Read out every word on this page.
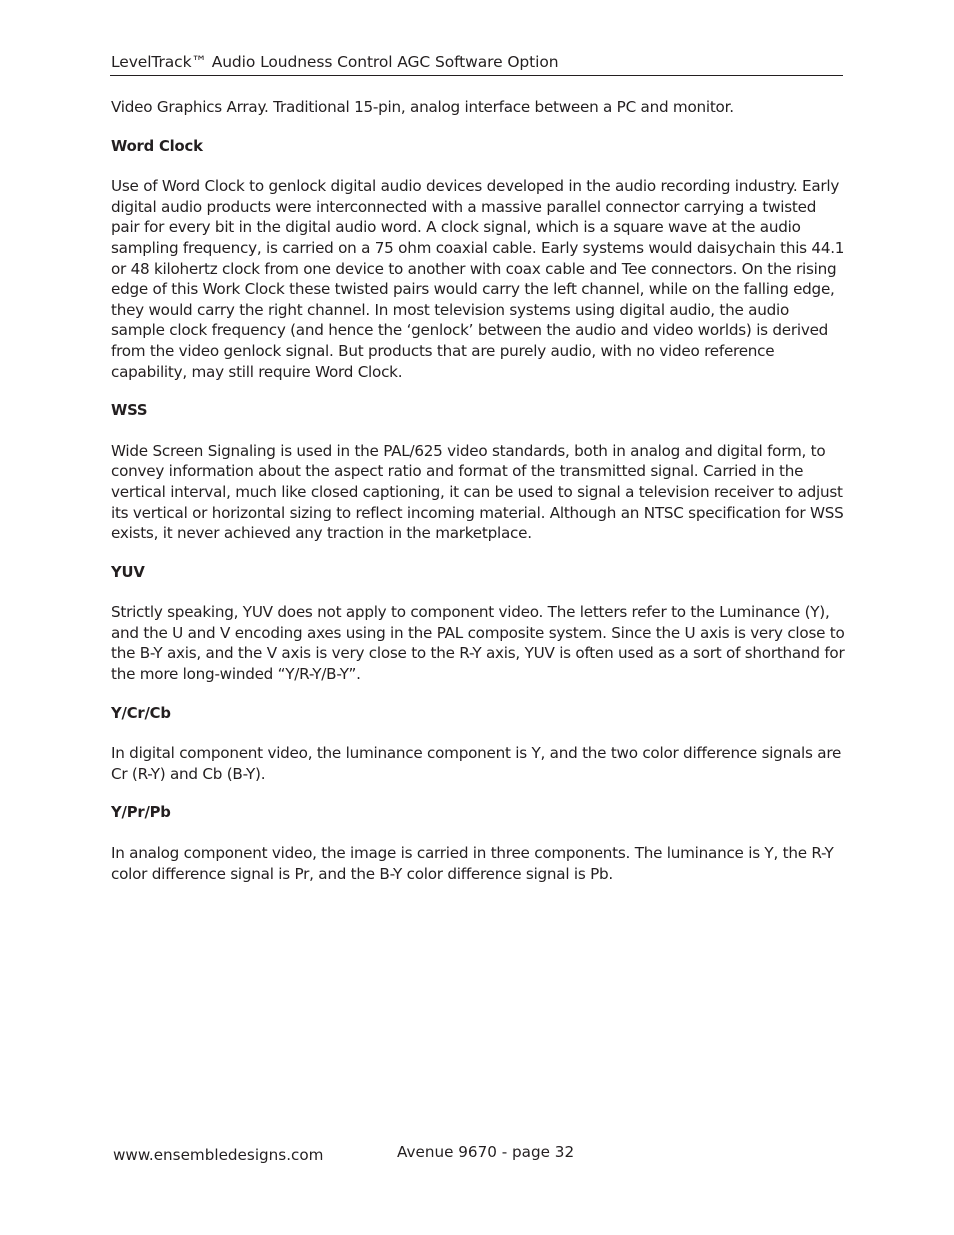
LevelTrack™ Audio Loudness Control AGC Software Option

Video Graphics Array. Traditional 15-pin, analog interface between a PC and monitor.

Word Clock

Use of Word Clock to genlock digital audio devices developed in the audio recording industry. Early digital audio products were interconnected with a massive parallel connector carrying a twisted pair for every bit in the digital audio word. A clock signal, which is a square wave at the audio sampling frequency, is carried on a 75 ohm coaxial cable. Early systems would daisychain this 44.1 or 48 kilohertz clock from one device to another with coax cable and Tee connectors. On the rising edge of this Work Clock these twisted pairs would carry the left channel, while on the falling edge, they would carry the right channel. In most television systems using digital audio, the audio sample clock frequency (and hence the ‘genlock’ between the audio and video worlds) is derived from the video genlock signal. But products that are purely audio, with no video reference capability, may still require Word Clock.

WSS

Wide Screen Signaling is used in the PAL/625 video standards, both in analog and digital form, to convey information about the aspect ratio and format of the transmitted signal. Carried in the vertical interval, much like closed captioning, it can be used to signal a television receiver to adjust its vertical or horizontal sizing to reflect incoming material. Although an NTSC specification for WSS exists, it never achieved any traction in the marketplace.

YUV

Strictly speaking, YUV does not apply to component video. The letters refer to the Luminance (Y), and the U and V encoding axes using in the PAL composite system. Since the U axis is very close to the B-Y axis, and the V axis is very close to the R-Y axis, YUV is often used as a sort of shorthand for the more long-winded “Y/R-Y/B-Y”.

Y/Cr/Cb

In digital component video, the luminance component is Y, and the two color difference signals are Cr (R-Y) and Cb (B-Y).

Y/Pr/Pb

In analog component video, the image is carried in three components. The luminance is Y, the R-Y color difference signal is Pr, and the B-Y color difference signal is Pb.

www.ensembledesigns.com	Avenue 9670 - page 32
